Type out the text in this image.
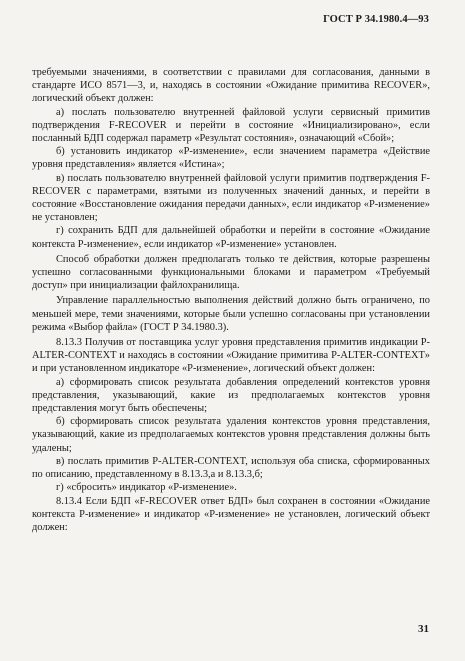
ГОСТ Р 34.1980.4—93

требуемыми значениями, в соответствии с правилами для согласования, данными в стандарте ИСО 8571—3, и, находясь в состоянии «Ожидание примитива RECOVER», логический объект должен:

а) послать пользователю внутренней файловой услуги сервисный примитив подтверждения F-RECOVER и перейти в состояние «Инициализировано», если посланный БДП содержал параметр «Результат состояния», означающий «Сбой»;

б) установить индикатор «Р-изменение», если значением параметра «Действие уровня представления» является «Истина»;

в) послать пользователю внутренней файловой услуги примитив подтверждения F-RECOVER с параметрами, взятыми из полученных значений данных, и перейти в состояние «Восстановление ожидания передачи данных», если индикатор «Р-изменение» не установлен;

г) сохранить БДП для дальнейшей обработки и перейти в состояние «Ожидание контекста Р-изменение», если индикатор «Р-изменение» установлен.

Способ обработки должен предполагать только те действия, которые разрешены успешно согласованными функциональными блоками и параметром «Требуемый доступ» при инициализации файлохранилища.

Управление параллельностью выполнения действий должно быть ограничено, по меньшей мере, теми значениями, которые были успешно согласованы при установлении режима «Выбор файла» (ГОСТ Р 34.1980.3).

8.13.3 Получив от поставщика услуг уровня представления примитив индикации P-ALTER-CONTEXT и находясь в состоянии «Ожидание примитива P-ALTER-CONTEXT» и при установленном индикаторе «Р-изменение», логический объект должен:

а) сформировать список результата добавления определений контекстов уровня представления, указывающий, какие из предполагаемых контекстов уровня представления могут быть обеспечены;

б) сформировать список результата удаления контекстов уровня представления, указывающий, какие из предполагаемых контекстов уровня представления должны быть удалены;

в) послать примитив P-ALTER-CONTEXT, используя оба списка, сформированных по описанию, представленному в 8.13.3,а и 8.13.3,б;

г) «сбросить» индикатор «Р-изменение».

8.13.4 Если БДП «F-RECOVER ответ БДП» был сохранен в состоянии «Ожидание контекста Р-изменение» и индикатор «Р-изменение» не установлен, логический объект должен:

31
